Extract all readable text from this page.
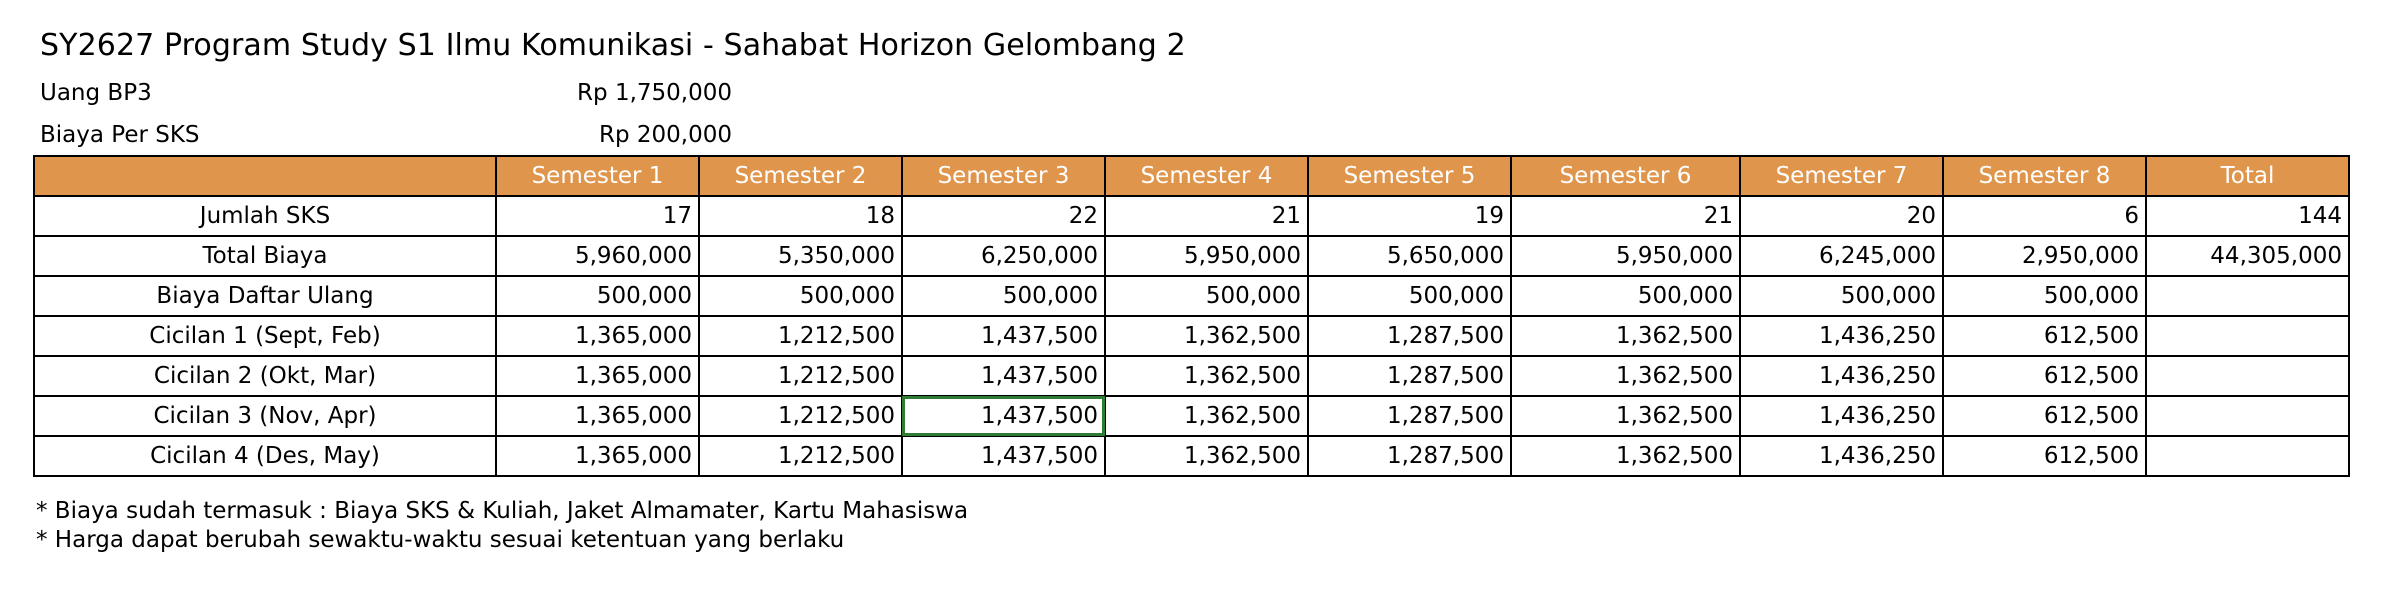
SY2627 Program Study S1 Ilmu Komunikasi - Sahabat Horizon Gelombang 2
Uang BP3	Rp 1,750,000
Biaya Per SKS	Rp 200,000
	Semester 1	Semester 2	Semester 3	Semester 4	Semester 5	Semester 6	Semester 7	Semester 8	Total
Jumlah SKS	17	18	22	21	19	21	20	6	144
Total Biaya	5,960,000	5,350,000	6,250,000	5,950,000	5,650,000	5,950,000	6,245,000	2,950,000	44,305,000
Biaya Daftar Ulang	500,000	500,000	500,000	500,000	500,000	500,000	500,000	500,000	
Cicilan 1 (Sept, Feb)	1,365,000	1,212,500	1,437,500	1,362,500	1,287,500	1,362,500	1,436,250	612,500	
Cicilan 2 (Okt, Mar)	1,365,000	1,212,500	1,437,500	1,362,500	1,287,500	1,362,500	1,436,250	612,500	
Cicilan 3 (Nov, Apr)	1,365,000	1,212,500	1,437,500	1,362,500	1,287,500	1,362,500	1,436,250	612,500	
Cicilan 4 (Des, May)	1,365,000	1,212,500	1,437,500	1,362,500	1,287,500	1,362,500	1,436,250	612,500	
* Biaya sudah termasuk : Biaya SKS & Kuliah, Jaket Almamater, Kartu Mahasiswa
* Harga dapat berubah sewaktu-waktu sesuai ketentuan yang berlaku
